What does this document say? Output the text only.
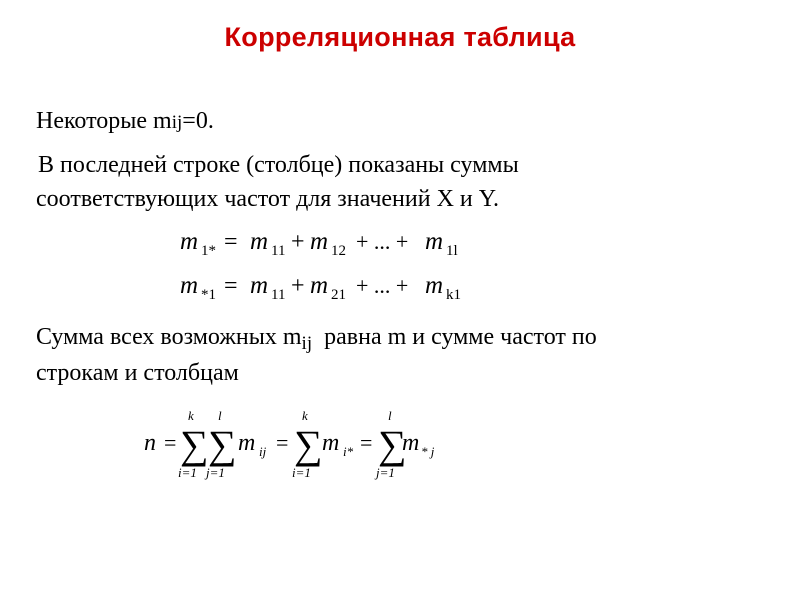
Корреляционная таблица
Некоторые mij=0.
В последней строке (столбце) показаны суммы
соответствующих частот для значений X и Y.
m 1* = m 11 + m 12 + ... + m 1l
m *1 = m 11 + m 21 + ... + m k1
Сумма всех возможных $m_{ij}$  равна m и сумме частот по
строкам и столбцам
n =
k
∑
i=1
l
∑
j=1
m ij =
k
∑
i=1
m i* =
l
∑
j=1
m * j
